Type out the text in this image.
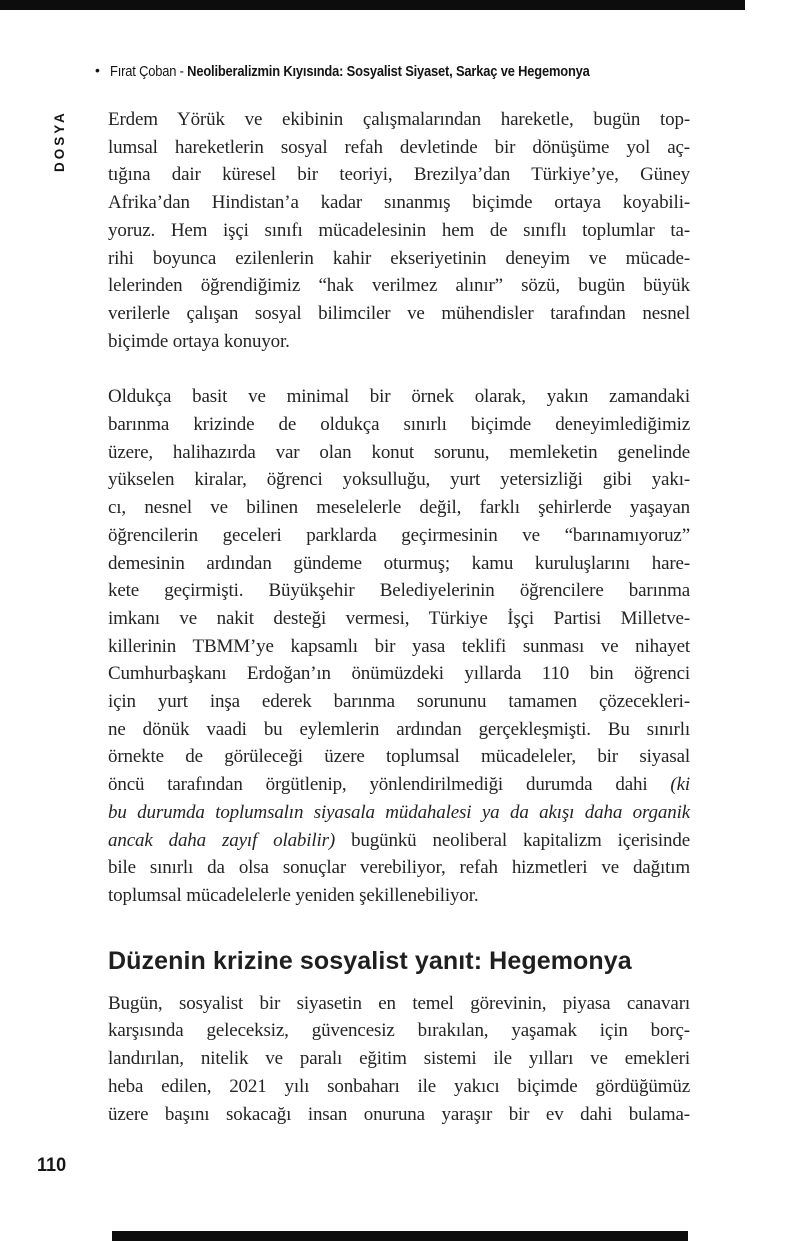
• Fırat Çoban - Neoliberalizmin Kıyısında: Sosyalist Siyaset, Sarkaç ve Hegemonya
DOSYA Erdem Yörük ve ekibinin çalışmalarından hareketle, bugün top-
lumsal hareketlerin sosyal refah devletinde bir dönüşüme yol aç-
tığına dair küresel bir teoriyi, Brezilya’dan Türkiye’ye, Güney
Afrika’dan Hindistan’a kadar sınanmış biçimde ortaya koyabili-
yoruz. Hem işçi sınıfı mücadelesinin hem de sınıflı toplumlar ta-
rihi boyunca ezilenlerin kahir ekseriyetinin deneyim ve mücade-
lelerinden öğrendiğimiz “hak verilmez alınır” sözü, bugün büyük
verilerle çalışan sosyal bilimciler ve mühendisler tarafından nesnel
biçimde ortaya konuyor.
Oldukça basit ve minimal bir örnek olarak, yakın zamandaki
barınma krizinde de oldukça sınırlı biçimde deneyimlediğimiz
üzere, halihazırda var olan konut sorunu, memleketin genelinde
yükselen kiralar, öğrenci yoksulluğu, yurt yetersizliği gibi yakı-
cı, nesnel ve bilinen meselelerle değil, farklı şehirlerde yaşayan
öğrencilerin geceleri parklarda geçirmesinin ve “barınamıyoruz”
demesinin ardından gündeme oturmuş; kamu kuruluşlarını hare-
kete geçirmişti. Büyükşehir Belediyelerinin öğrencilere barınma
imkanı ve nakit desteği vermesi, Türkiye İşçi Partisi Milletve-
killerinin TBMM’ye kapsamlı bir yasa teklifi sunması ve nihayet
Cumhurbaşkanı Erdoğan’ın önümüzdeki yıllarda 110 bin öğrenci
için yurt inşa ederek barınma sorununu tamamen çözecekleri-
ne dönük vaadi bu eylemlerin ardından gerçekleşmişti. Bu sınırlı
örnekte de görüleceği üzere toplumsal mücadeleler, bir siyasal
öncü tarafından örgütlenip, yönlendirilmediği durumda dahi (ki
bu durumda toplumsalın siyasala müdahalesi ya da akışı daha organik
ancak daha zayıf olabilir) bugünkü neoliberal kapitalizm içerisinde
bile sınırlı da olsa sonuçlar verebiliyor, refah hizmetleri ve dağıtım
toplumsal mücadelelerle yeniden şekillenebiliyor.
Düzenin krizine sosyalist yanıt: Hegemonya
Bugün, sosyalist bir siyasetin en temel görevinin, piyasa canavarı
karşısında geleceksiz, güvencesiz bırakılan, yaşamak için borç-
landırılan, nitelik ve paralı eğitim sistemi ile yılları ve emekleri
heba edilen, 2021 yılı sonbaharı ile yakıcı biçimde gördüğümüz
üzere başını sokacağı insan onuruna yaraşır bir ev dahi bulama-
110
